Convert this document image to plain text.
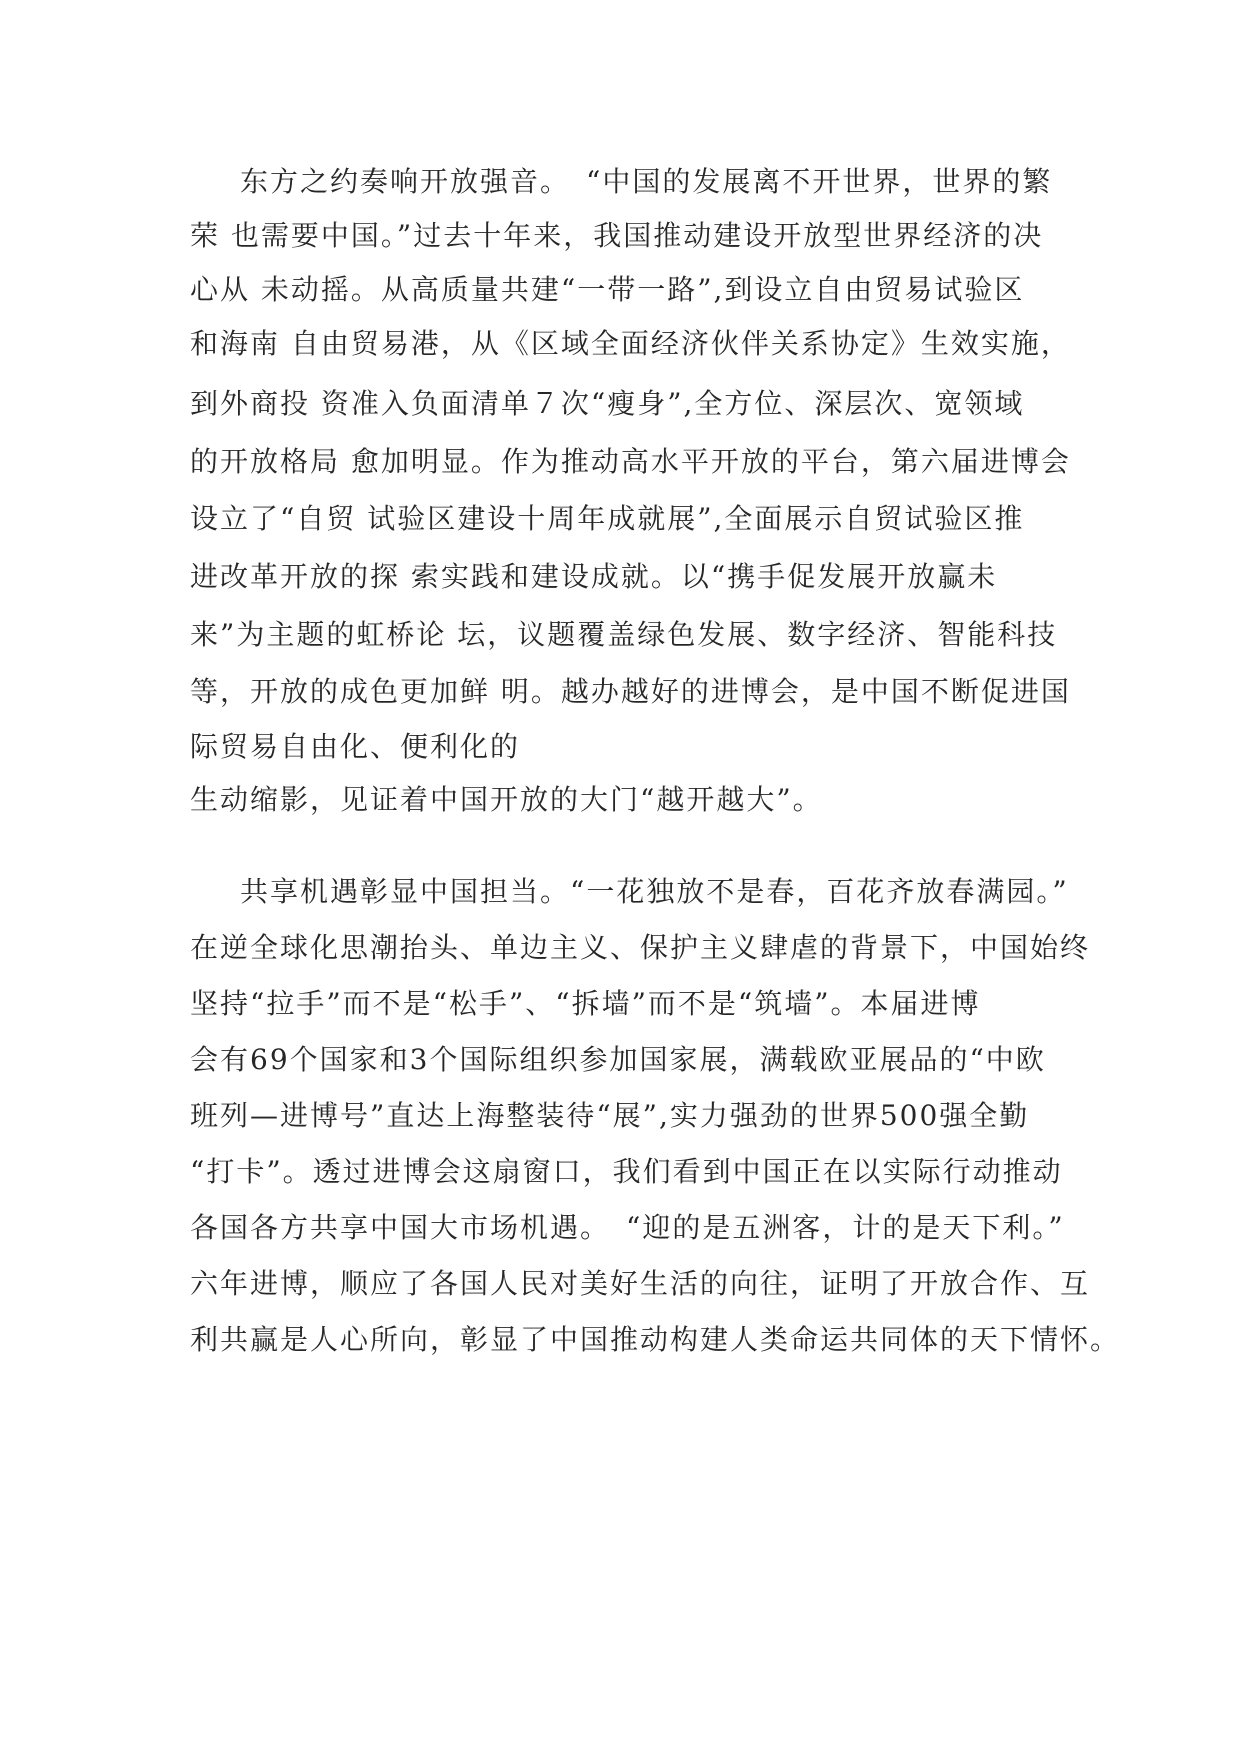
东方之约奏响开放强音。　“中国的发展离不开世界，世界的繁
荣 也需要中国。”过去十年来，我国推动建设开放型世界经济的决
心从 未动摇。从高质量共建“一带一路”,到设立自由贸易试验区
和海南 自由贸易港，从《区域全面经济伙伴关系协定》生效实施，
到外商投 资准入负面清单７次“瘦身”,全方位、深层次、宽领域
的开放格局 愈加明显。作为推动高水平开放的平台，第六届进博会
设立了“自贸 试验区建设十周年成就展”,全面展示自贸试验区推
进改革开放的探 索实践和建设成就。以“携手促发展开放赢未
来”为主题的虹桥论 坛，议题覆盖绿色发展、数字经济、智能科技
等，开放的成色更加鲜 明。越办越好的进博会，是中国不断促进国
际贸易自由化、便利化的
生动缩影，见证着中国开放的大门“越开越大”。
共享机遇彰显中国担当。“一花独放不是春，百花齐放春满园。”
在逆全球化思潮抬头、单边主义、保护主义肆虐的背景下，中国始终
坚持“拉手”而不是“松手”、“拆墙”而不是“筑墙”。本届进博
会有69个国家和3个国际组织参加国家展，满载欧亚展品的“中欧
班列—进博号”直达上海整装待“展”,实力强劲的世界500强全勤
“打卡”。透过进博会这扇窗口，我们看到中国正在以实际行动推动
各国各方共享中国大市场机遇。　“迎的是五洲客，计的是天下利。”
六年进博，顺应了各国人民对美好生活的向往，证明了开放合作、互
利共赢是人心所向，彰显了中国推动构建人类命运共同体的天下情怀。
